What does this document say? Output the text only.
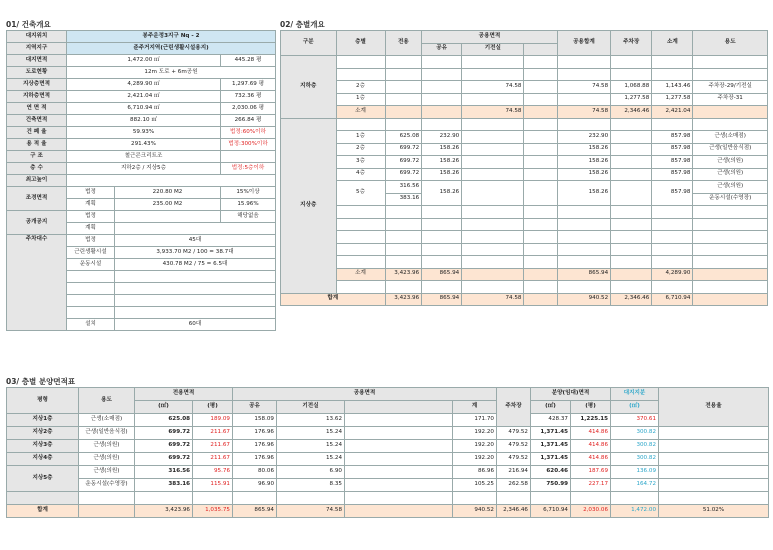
01/ 건축개요	02/ 층별개요
03/ 층별 분양면적표
대지위치	봉주운정3지구 Nq - 2		
지역지구	준주거지역(근린생활시설용지)		
대지면적	1,472.00 ㎡		445.28 평
도로현황	12m 도로 + 6m공원		
지상층면적	4,289.90 ㎡		1,297.69 평
지하층면적	2,421.04 ㎡		732.36 평
연 면 적	6,710.94 ㎡		2,030.06 평
건축면적	882.10 ㎡		266.84 평
건 폐 율	59.93%		법정:60%이하
용 적 율	291.43%		법정:300%이하
구 조	철근콘크리트조		
층 수	지하2층 / 지상5층		법정:5층이하
최고높이			
조경면적	법정	220.80 M2	15%이상
	계획	235.00 M2	15.96%
공개공지	법정		해당없음
	계획		
주차대수	법정	45대	
	근린생활시설	3,933.70 M2 / 100 = 38.7대	
	운동시설	430.78 M2 / 75 = 6.5대	

	설치	60대	
구분	층별	전용	공용면적			공용합계	주차장	소계	용도
			공유	기전실					
지하층									

	2층			74.58		74.58	1,068.88	1,143.46	주차장-29/기전실
	1층						1,277.58	1,277.58	주차장-31
	소계			74.58		74.58	2,346.46	2,421.04	

지상층									
	1층	625.08	232.90			232.90		857.98	근생(소매점)
	2층	699.72	158.26			158.26		857.98	근생(일반음식점)
	3층	699.72	158.26			158.26		857.98	근생(의원)
	4층	699.72	158.26			158.26		857.98	근생(의원)
	5층	316.56	158.26			158.26		857.98	근생(의원)
		383.16							운동시설(수영장)

	소계	3,423.96	865.94			865.94		4,289.90	

합계		3,423.96	865.94	74.58		940.52	2,346.46	6,710.94	

평형	용도	전용면적		공용면적				주차장	분양(임대)면적		대지지분	전용율	
		(㎡)	(평)	공유	기전실		계		(㎡)	(평)	(㎡)		
지상1층	근생(소매점)	625.08	189.09	158.09	13.62		171.70		428.37	1,225.15	370.61		
지상2층	근생(일반음식점)	699.72	211.67	176.96	15.24		192.20	479.52	1,371.45	414.86	300.82		
지상3층	근생(의원)	699.72	211.67	176.96	15.24		192.20	479.52	1,371.45	414.86	300.82		
지상4층	근생(의원)	699.72	211.67	176.96	15.24		192.20	479.52	1,371.45	414.86	300.82		
지상5층	근생(의원)	316.56	95.76	80.06	6.90		86.96	216.94	620.46	187.69	136.09		
	운동시설(수영장)	383.16	115.91	96.90	8.35		105.25	262.58	750.99	227.17	164.72		

합계		3,423.96	1,035.75	865.94	74.58		940.52	2,346.46	6,710.94	2,030.06	1,472.00	51.02%	
